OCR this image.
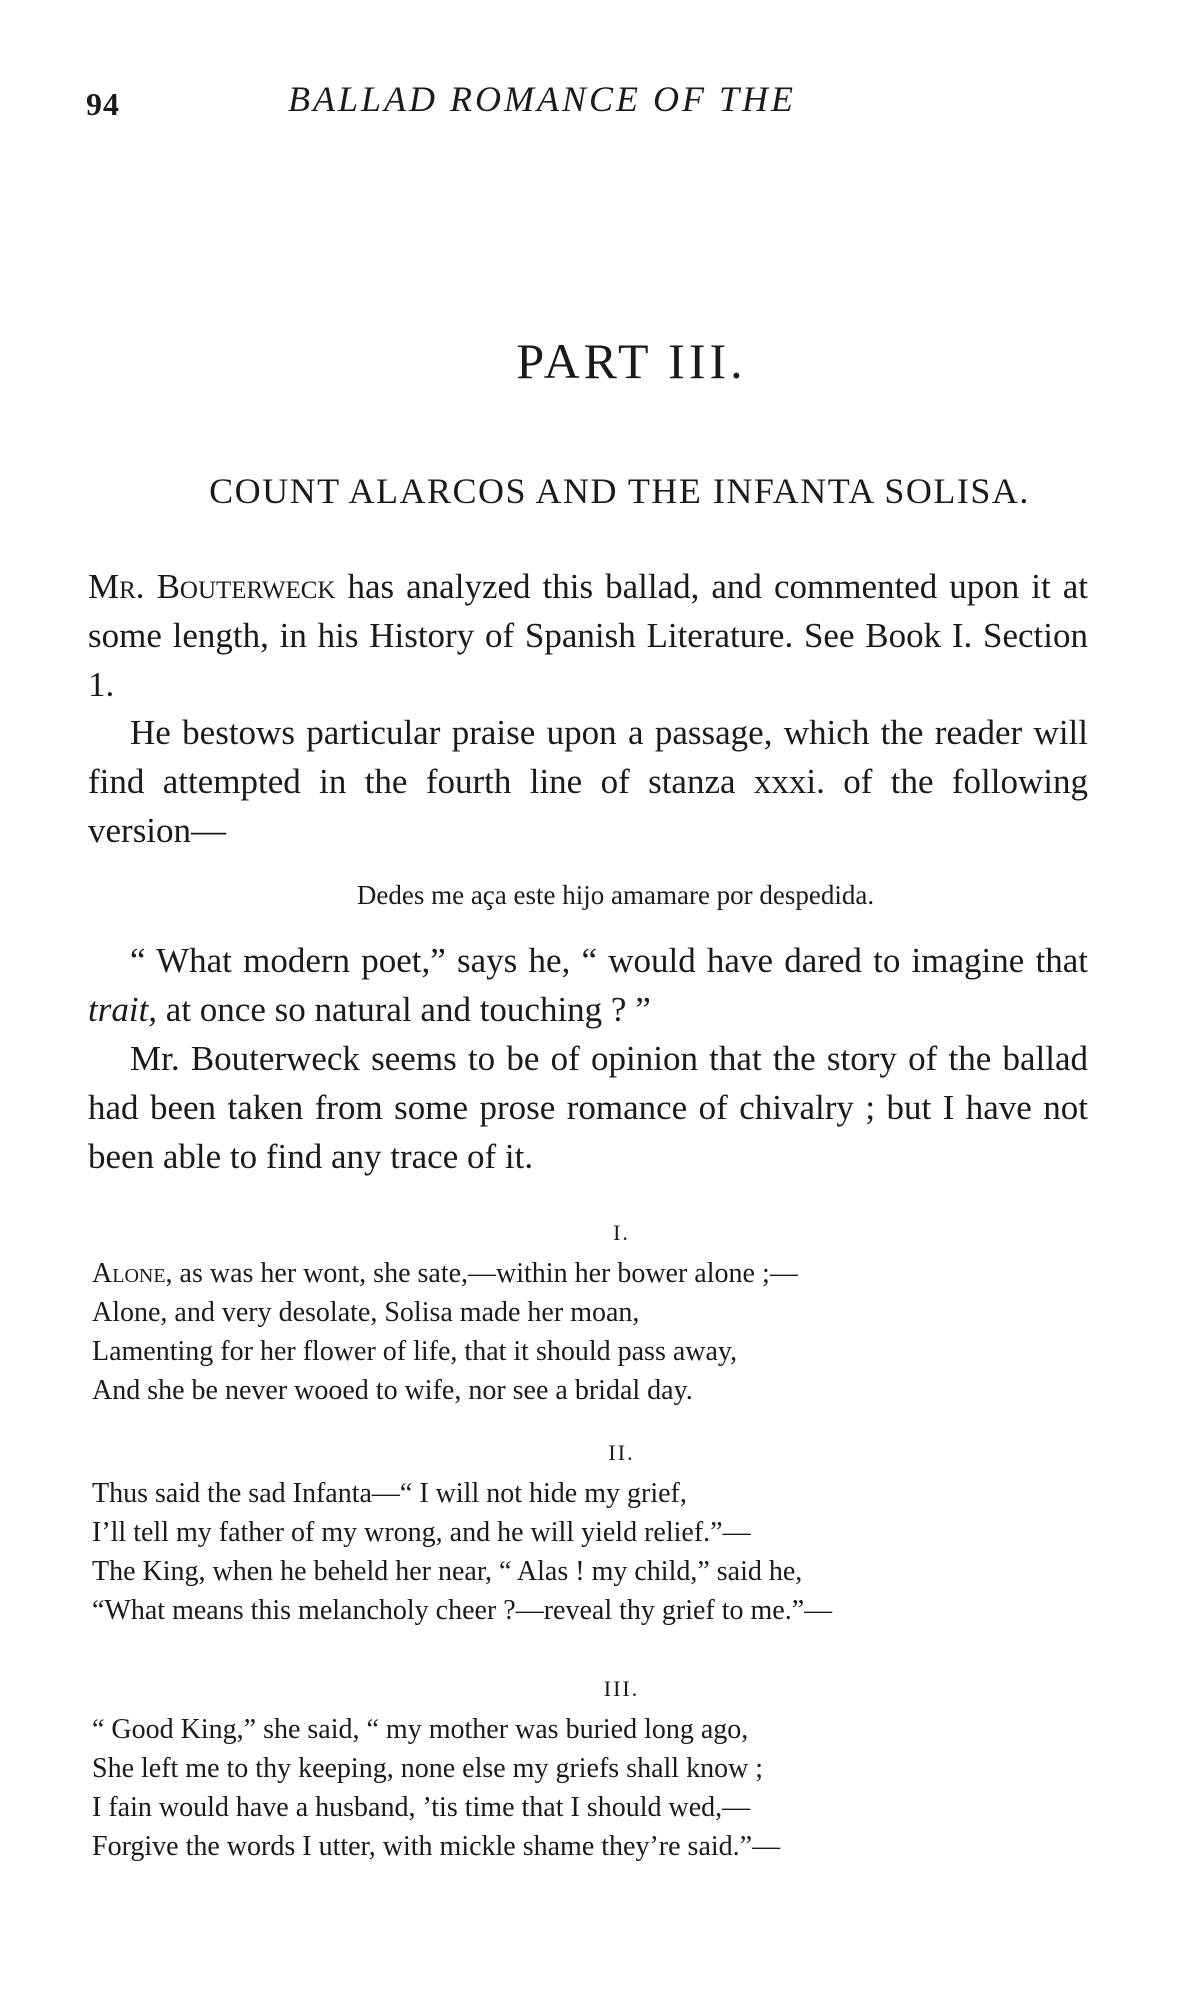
94	BALLAD ROMANCE OF THE
PART III.
COUNT ALARCOS AND THE INFANTA SOLISA.

Mr. Bouterweck has analyzed this ballad, and commented upon it at some length, in his History of Spanish Literature. See Book I. Section 1.

He bestows particular praise upon a passage, which the reader will find attempted in the fourth line of stanza xxxi. of the following version—

Dedes me aça este hijo amamare por despedida.

“ What modern poet,” says he, “ would have dared to imagine that trait, at once so natural and touching ? ”

Mr. Bouterweck seems to be of opinion that the story of the ballad had been taken from some prose romance of chivalry ; but I have not been able to find any trace of it.

I.
Alone, as was her wont, she sate,—within her bower alone ;—
Alone, and very desolate, Solisa made her moan,
Lamenting for her flower of life, that it should pass away,
And she be never wooed to wife, nor see a bridal day.
II.
Thus said the sad Infanta—“ I will not hide my grief,
I’ll tell my father of my wrong, and he will yield relief.”—
The King, when he beheld her near, “ Alas ! my child,” said he,
“What means this melancholy cheer ?—reveal thy grief to me.”—
III.
“ Good King,” she said, “ my mother was buried long ago,
She left me to thy keeping, none else my griefs shall know ;
I fain would have a husband, ’tis time that I should wed,—
Forgive the words I utter, with mickle shame they’re said.”—
